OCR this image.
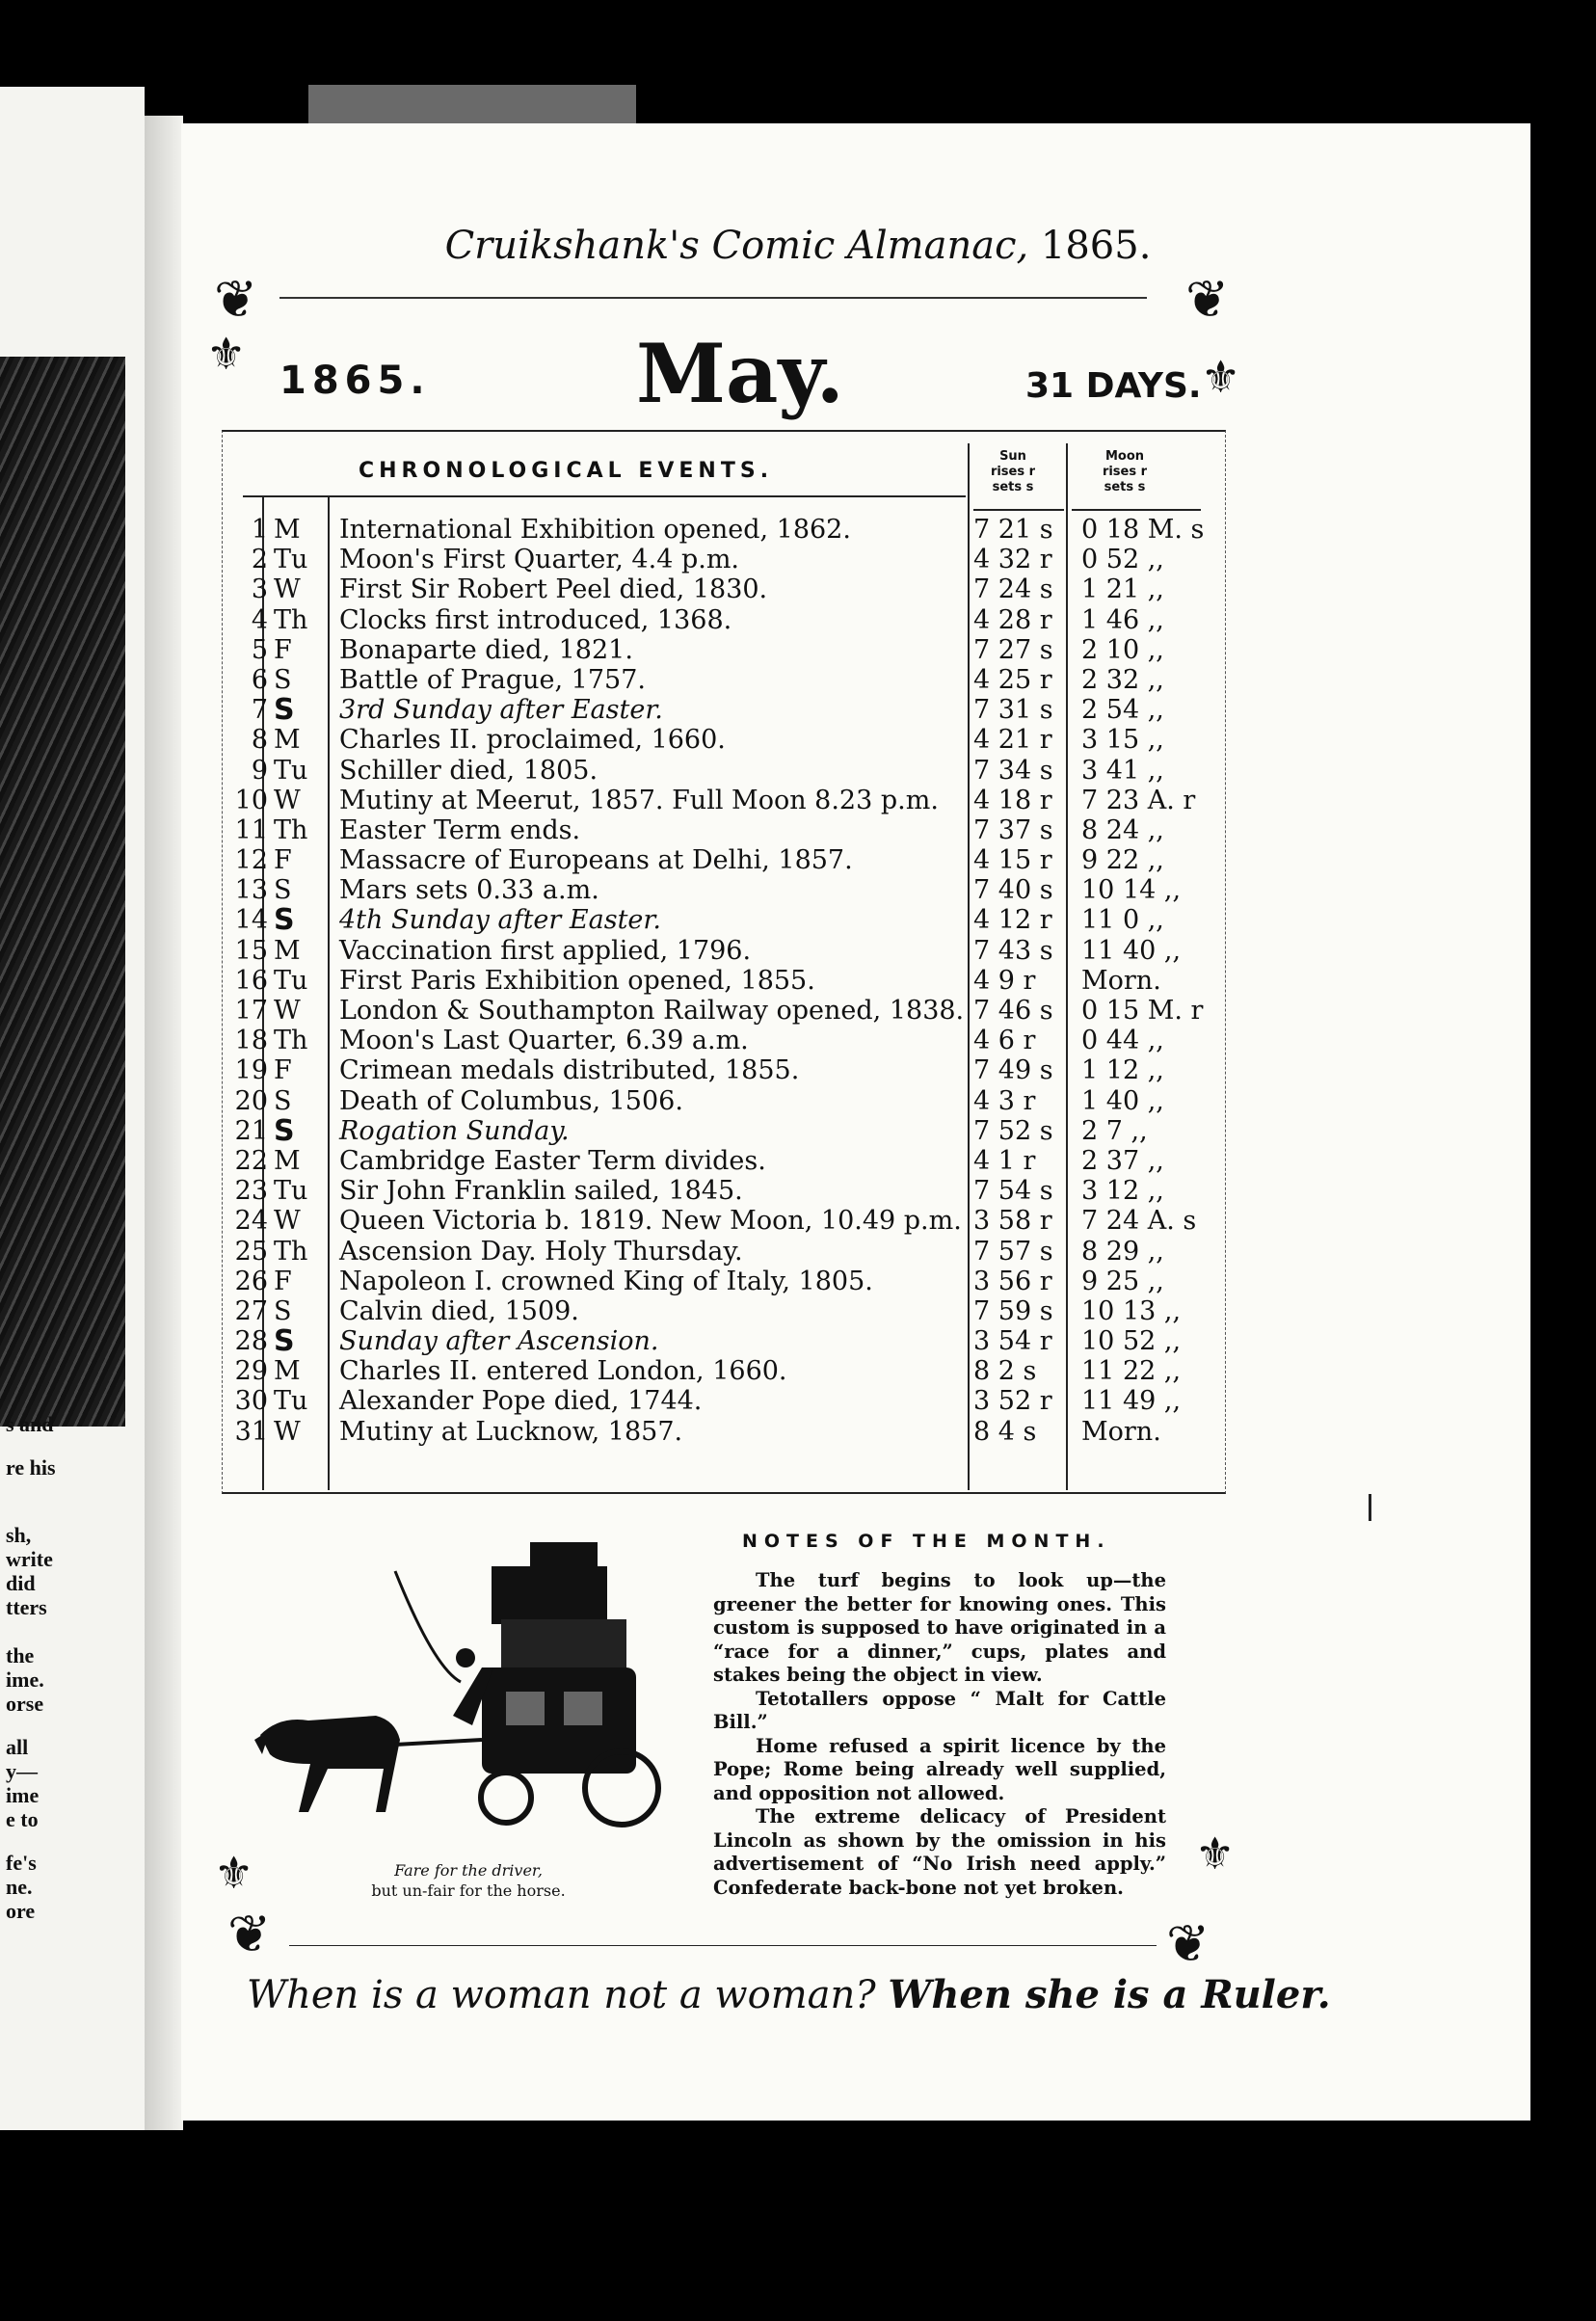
s and
re his
sh,
write
did
tters
the
ime.
orse
all
y—
ime
e to
fe's
ne.
ore
Cruikshank's Comic Almanac, 1865.
❦	❦
⚜	⚜
1865.	May.	31 DAYS.
CHRONOLOGICAL EVENTS.
Sun
rises r
sets s
Moon
rises r
sets s
1 M International Exhibition opened, 1862.	7 21 s 0 18 M. s
2 Tu Moon's First Quarter, 4.4 p.m.	4 32 r 0 52 ,,
3 W First Sir Robert Peel died, 1830.	7 24 s 1 21 ,,
4 Th Clocks first introduced, 1368.	4 28 r 1 46 ,,
5 F Bonaparte died, 1821.	7 27 s 2 10 ,,
6 S Battle of Prague, 1757.	4 25 r 2 32 ,,
7 S 3rd Sunday after Easter.	7 31 s 2 54 ,,
8 M Charles II. proclaimed, 1660.	4 21 r 3 15 ,,
9 Tu Schiller died, 1805.	7 34 s 3 41 ,,
10 W Mutiny at Meerut, 1857. Full Moon 8.23 p.m. 4 18 r 7 23 A. r
11 Th Easter Term ends.	7 37 s 8 24 ,,
12 F Massacre of Europeans at Delhi, 1857.	4 15 r 9 22 ,,
13 S Mars sets 0.33 a.m.	7 40 s 10 14 ,,
14 S 4th Sunday after Easter.	4 12 r 11 0 ,,
15 M Vaccination first applied, 1796.	7 43 s 11 40 ,,
16 Tu First Paris Exhibition opened, 1855.	4 9 r Morn.
17 W London & Southampton Railway opened, 1838. 7 46 s 0 15 M. r
18 Th Moon's Last Quarter, 6.39 a.m.	4 6 r 0 44 ,,
19 F Crimean medals distributed, 1855.	7 49 s 1 12 ,,
20 S Death of Columbus, 1506.	4 3 r 1 40 ,,
21 S Rogation Sunday.	7 52 s 2 7 ,,
22 M Cambridge Easter Term divides.	4 1 r 2 37 ,,
23 Tu Sir John Franklin sailed, 1845.	7 54 s 3 12 ,,
24 W Queen Victoria b. 1819. New Moon, 10.49 p.m. 3 58 r 7 24 A. s
25 Th Ascension Day. Holy Thursday.	7 57 s 8 29 ,,
26 F Napoleon I. crowned King of Italy, 1805.	3 56 r 9 25 ,,
27 S Calvin died, 1509.	7 59 s 10 13 ,,
28 S Sunday after Ascension.	3 54 r 10 52 ,,
29 M Charles II. entered London, 1660.	8 2 s 11 22 ,,
30 Tu Alexander Pope died, 1744.	3 52 r 11 49 ,,
31 W Mutiny at Lucknow, 1857.	8 4 s Morn.
Fare for the driver,
but un-fair for the horse.
NOTES OF THE MONTH.

The turf begins to look up—the greener the better for knowing ones. This custom is supposed to have originated in a “race for a dinner,” cups, plates and stakes being the object in view.

Tetotallers oppose “ Malt for Cattle Bill.”

Home refused a spirit licence by the Pope; Rome being already well supplied, and opposition not allowed.

The extreme delicacy of President Lincoln as shown by the omission in his advertisement of “No Irish need apply.” Confederate back-bone not yet broken.

⚜	⚜
❦	❦
When is a woman not a woman? When she is a Ruler.
